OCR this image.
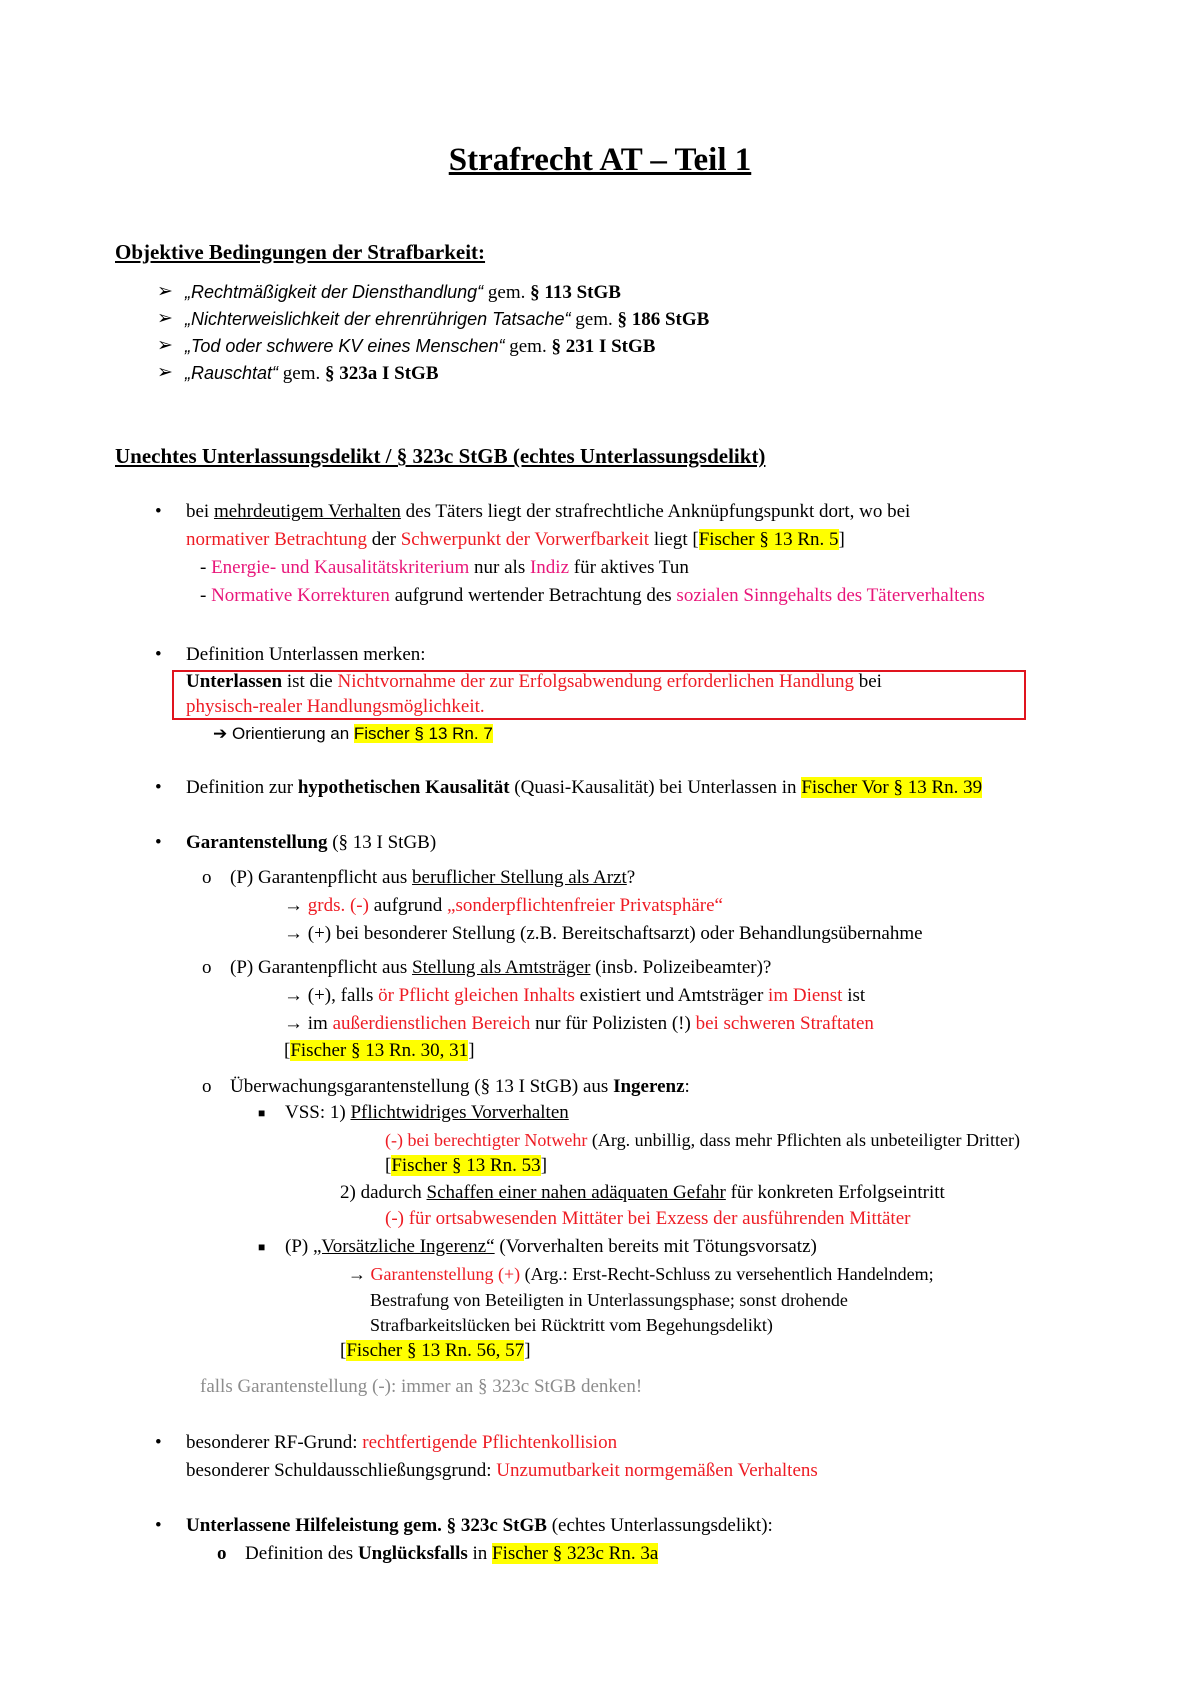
Strafrecht AT – Teil 1
Objektive Bedingungen der Strafbarkeit:
➢ „Rechtmäßigkeit der Diensthandlung“ gem. § 113 StGB
➢ „Nichterweislichkeit der ehrenrührigen Tatsache“ gem. § 186 StGB
➢ „Tod oder schwere KV eines Menschen“ gem. § 231 I StGB
➢ „Rauschtat“ gem. § 323a I StGB
Unechtes Unterlassungsdelikt / § 323c StGB (echtes Unterlassungsdelikt)
• bei mehrdeutigem Verhalten des Täters liegt der strafrechtliche Anknüpfungspunkt dort, wo bei
normativer Betrachtung der Schwerpunkt der Vorwerfbarkeit liegt [Fischer § 13 Rn. 5]
- Energie- und Kausalitätskriterium nur als Indiz für aktives Tun
- Normative Korrekturen aufgrund wertender Betrachtung des sozialen Sinngehalts des Täterverhaltens
• Definition Unterlassen merken:
Unterlassen ist die Nichtvornahme der zur Erfolgsabwendung erforderlichen Handlung bei
physisch-realer Handlungsmöglichkeit.
➔ Orientierung an Fischer § 13 Rn. 7
• Definition zur hypothetischen Kausalität (Quasi-Kausalität) bei Unterlassen in Fischer Vor § 13 Rn. 39
• Garantenstellung (§ 13 I StGB)
o (P) Garantenpflicht aus beruflicher Stellung als Arzt?
→ grds. (-) aufgrund „sonderpflichtenfreier Privatsphäre“
→ (+) bei besonderer Stellung (z.B. Bereitschaftsarzt) oder Behandlungsübernahme
o (P) Garantenpflicht aus Stellung als Amtsträger (insb. Polizeibeamter)?
→ (+), falls ör Pflicht gleichen Inhalts existiert und Amtsträger im Dienst ist
→ im außerdienstlichen Bereich nur für Polizisten (!) bei schweren Straftaten
[Fischer § 13 Rn. 30, 31]
o Überwachungsgarantenstellung (§ 13 I StGB) aus Ingerenz:
■ VSS: 1) Pflichtwidriges Vorverhalten
(-) bei berechtigter Notwehr (Arg. unbillig, dass mehr Pflichten als unbeteiligter Dritter)
[Fischer § 13 Rn. 53]
2) dadurch Schaffen einer nahen adäquaten Gefahr für konkreten Erfolgseintritt
(-) für ortsabwesenden Mittäter bei Exzess der ausführenden Mittäter
■ (P) „Vorsätzliche Ingerenz“ (Vorverhalten bereits mit Tötungsvorsatz)
→ Garantenstellung (+) (Arg.: Erst-Recht-Schluss zu versehentlich Handelndem;
Bestrafung von Beteiligten in Unterlassungsphase; sonst drohende
Strafbarkeitslücken bei Rücktritt vom Begehungsdelikt)
[Fischer § 13 Rn. 56, 57]
falls Garantenstellung (-): immer an § 323c StGB denken!
• besonderer RF-Grund: rechtfertigende Pflichtenkollision
besonderer Schuldausschließungsgrund: Unzumutbarkeit normgemäßen Verhaltens
• Unterlassene Hilfeleistung gem. § 323c StGB (echtes Unterlassungsdelikt):
o Definition des Unglücksfalls in Fischer § 323c Rn. 3a
